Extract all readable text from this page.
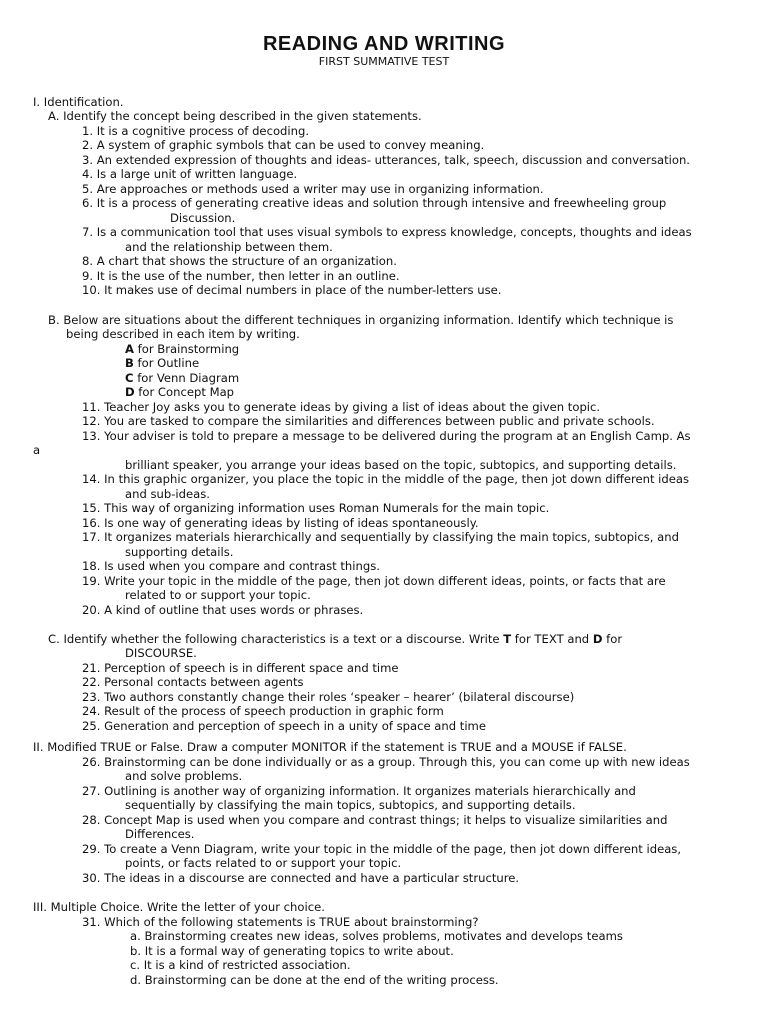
READING AND WRITING
FIRST SUMMATIVE TEST
I. Identification.
A. Identify the concept being described in the given statements.
1. It is a cognitive process of decoding.
2. A system of graphic symbols that can be used to convey meaning.
3. An extended expression of thoughts and ideas- utterances, talk, speech, discussion and conversation.
4. Is a large unit of written language.
5. Are approaches or methods used a writer may use in organizing information.
6. It is a process of generating creative ideas and solution through intensive and freewheeling group
Discussion.
7. Is a communication tool that uses visual symbols to express knowledge, concepts, thoughts and ideas
and the relationship between them.
8. A chart that shows the structure of an organization.
9. It is the use of the number, then letter in an outline.
10. It makes use of decimal numbers in place of the number-letters use.
B. Below are situations about the different techniques in organizing information. Identify which technique is
being described in each item by writing.
A for Brainstorming
B for Outline
C for Venn Diagram
D for Concept Map
11. Teacher Joy asks you to generate ideas by giving a list of ideas about the given topic.
12. You are tasked to compare the similarities and differences between public and private schools.
13. Your adviser is told to prepare a message to be delivered during the program at an English Camp. As
a
brilliant speaker, you arrange your ideas based on the topic, subtopics, and supporting details.
14. In this graphic organizer, you place the topic in the middle of the page, then jot down different ideas
and sub-ideas.
15. This way of organizing information uses Roman Numerals for the main topic.
16. Is one way of generating ideas by listing of ideas spontaneously.
17. It organizes materials hierarchically and sequentially by classifying the main topics, subtopics, and
supporting details.
18. Is used when you compare and contrast things.
19. Write your topic in the middle of the page, then jot down different ideas, points, or facts that are
related to or support your topic.
20. A kind of outline that uses words or phrases.
C. Identify whether the following characteristics is a text or a discourse. Write T for TEXT and D for
DISCOURSE.
21. Perception of speech is in different space and time
22. Personal contacts between agents
23. Two authors constantly change their roles ‘speaker – hearer’ (bilateral discourse)
24. Result of the process of speech production in graphic form
25. Generation and perception of speech in a unity of space and time
II. Modified TRUE or False. Draw a computer MONITOR if the statement is TRUE and a MOUSE if FALSE.
26. Brainstorming can be done individually or as a group. Through this, you can come up with new ideas
and solve problems.
27. Outlining is another way of organizing information. It organizes materials hierarchically and
sequentially by classifying the main topics, subtopics, and supporting details.
28. Concept Map is used when you compare and contrast things; it helps to visualize similarities and
Differences.
29. To create a Venn Diagram, write your topic in the middle of the page, then jot down different ideas,
points, or facts related to or support your topic.
30. The ideas in a discourse are connected and have a particular structure.
III. Multiple Choice. Write the letter of your choice.
31. Which of the following statements is TRUE about brainstorming?
a. Brainstorming creates new ideas, solves problems, motivates and develops teams
b. It is a formal way of generating topics to write about.
c. It is a kind of restricted association.
d. Brainstorming can be done at the end of the writing process.
